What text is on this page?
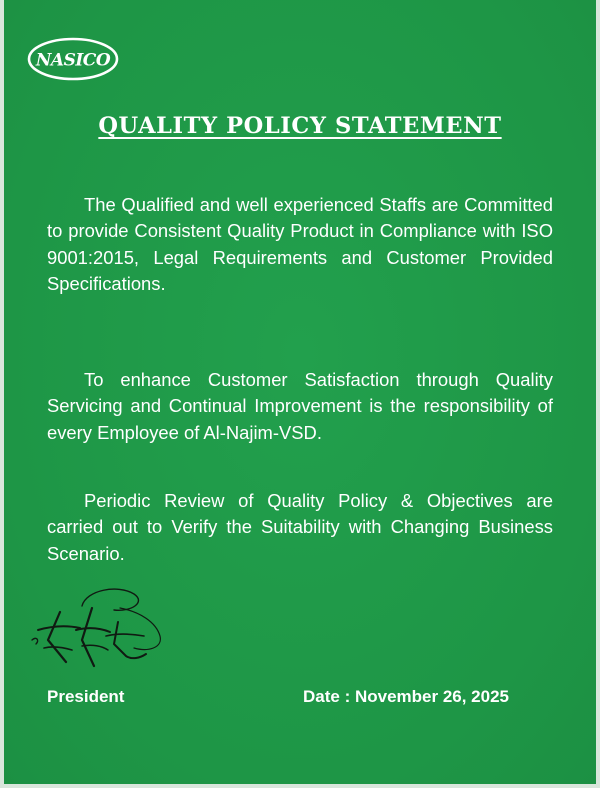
NASICO
QUALITY POLICY STATEMENT

The Qualified and well experienced Staffs are Committed to provide Consistent Quality Product in Compliance with ISO 9001:2015, Legal Requirements and Customer Provided Specifications.

To enhance Customer Satisfaction through Quality Servicing and Continual Improvement is the responsibility of every Employee of Al-Najim-VSD.

Periodic Review of Quality Policy & Objectives are carried out to Verify the Suitability with Changing Business Scenario.

President	Date : November 26, 2025
